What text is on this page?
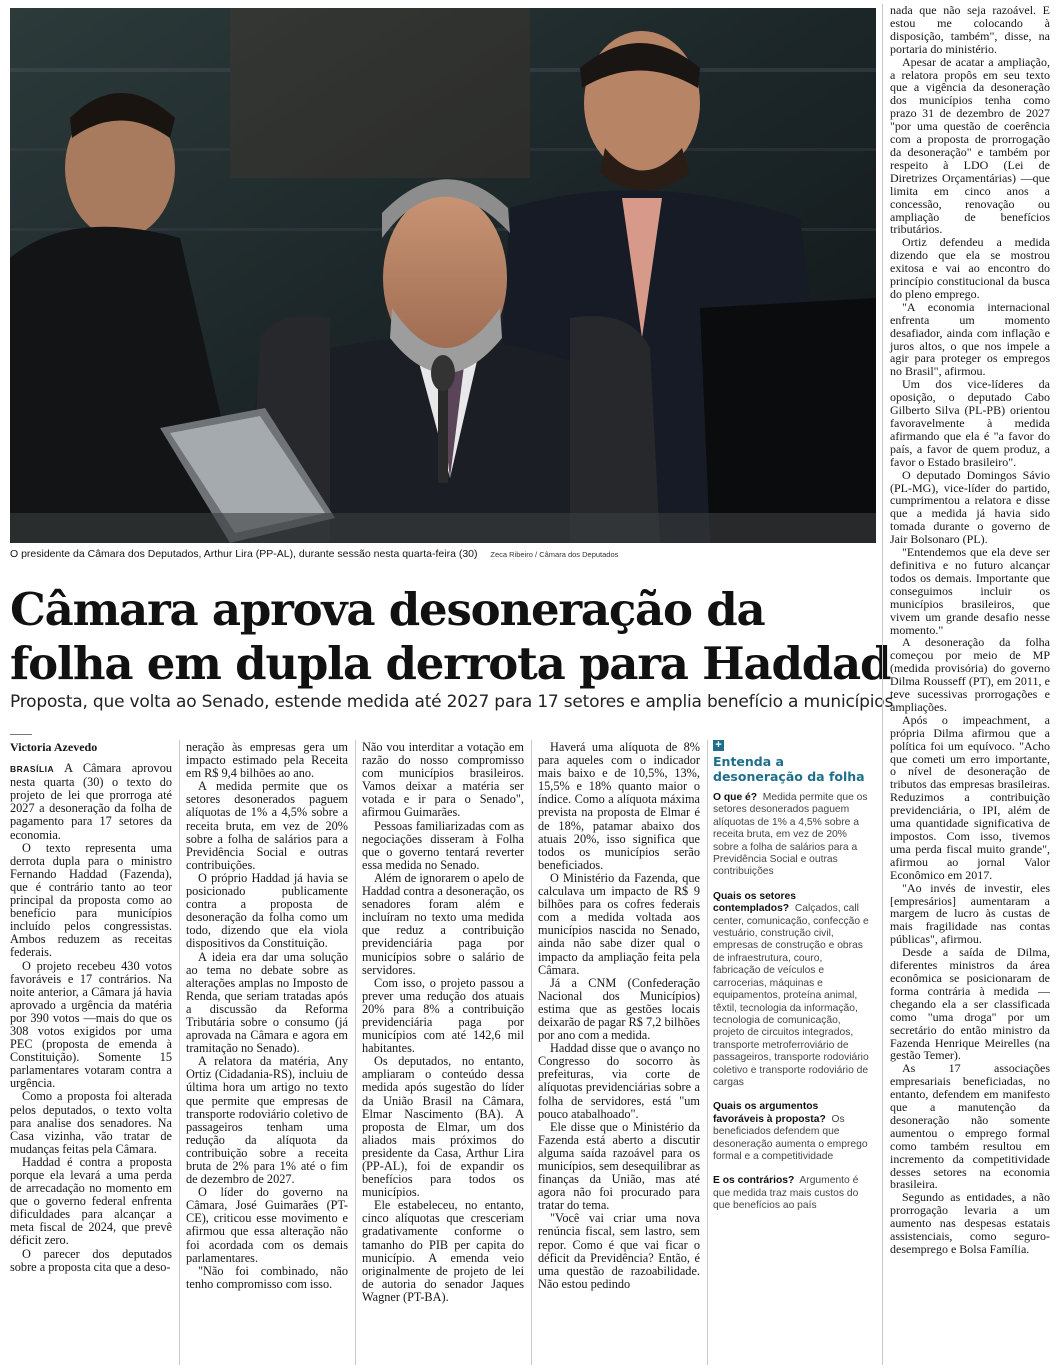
O presidente da Câmara dos Deputados, Arthur Lira (PP-AL), durante sessão nesta quarta-feira (30) Zeca Ribeiro / Câmara dos Deputados
Câmara aprova desoneração da
folha em dupla derrota para Haddad
Proposta, que volta ao Senado, estende medida até 2027 para 17 setores e amplia benefício a municípios
Victoria Azevedo

BRASÍLIA A Câmara aprovou nesta quarta (30) o texto do projeto de lei que prorroga até 2027 a desoneração da folha de pagamento para 17 setores da economia.

O texto representa uma derrota dupla para o ministro Fernando Haddad (Fazenda), que é contrário tanto ao teor principal da proposta como ao benefício para municípios incluído pelos congressistas. Ambos reduzem as receitas federais.

O projeto recebeu 430 votos favoráveis e 17 contrários. Na noite anterior, a Câmara já havia aprovado a urgência da matéria por 390 votos —mais do que os 308 votos exigidos por uma PEC (proposta de emenda à Constituição). Somente 15 parlamentares votaram contra a urgência.

Como a proposta foi alterada pelos deputados, o texto volta para analise dos senadores. Na Casa vizinha, vão tratar de mudanças feitas pela Câmara.

Haddad é contra a proposta porque ela levará a uma perda de arrecadação no momento em que o governo federal enfrenta dificuldades para alcançar a meta fiscal de 2024, que prevê déficit zero.

O parecer dos deputados sobre a proposta cita que a deso-

neração às empresas gera um impacto estimado pela Receita em R$ 9,4 bilhões ao ano.

A medida permite que os setores desonerados paguem alíquotas de 1% a 4,5% sobre a receita bruta, em vez de 20% sobre a folha de salários para a Previdência Social e outras contribuições.

O próprio Haddad já havia se posicionado publicamente contra a proposta de desoneração da folha como um todo, dizendo que ela viola dispositivos da Constituição.

A ideia era dar uma solução ao tema no debate sobre as alterações amplas no Imposto de Renda, que seriam tratadas após a discussão da Reforma Tributária sobre o consumo (já aprovada na Câmara e agora em tramitação no Senado).

A relatora da matéria, Any Ortiz (Cidadania-RS), incluiu de última hora um artigo no texto que permite que empresas de transporte rodoviário coletivo de passageiros tenham uma redução da alíquota da contribuição sobre a receita bruta de 2% para 1% até o fim de dezembro de 2027.

O líder do governo na Câmara, José Guimarães (PT-CE), criticou esse movimento e afirmou que essa alteração não foi acordada com os demais parlamentares.

"Não foi combinado, não tenho compromisso com isso.

Não vou interditar a votação em razão do nosso compromisso com municípios brasileiros. Vamos deixar a matéria ser votada e ir para o Senado", afirmou Guimarães.

Pessoas familiarizadas com as negociações disseram à Folha que o governo tentará reverter essa medida no Senado.

Além de ignorarem o apelo de Haddad contra a desoneração, os senadores foram além e incluíram no texto uma medida que reduz a contribuição previdenciária paga por municípios sobre o salário de servidores.

Com isso, o projeto passou a prever uma redução dos atuais 20% para 8% a contribuição previdenciária paga por municípios com até 142,6 mil habitantes.

Os deputados, no entanto, ampliaram o conteúdo dessa medida após sugestão do líder da União Brasil na Câmara, Elmar Nascimento (BA). A proposta de Elmar, um dos aliados mais próximos do presidente da Casa, Arthur Lira (PP-AL), foi de expandir os benefícios para todos os municípios.

Ele estabeleceu, no entanto, cinco alíquotas que cresceriam gradativamente conforme o tamanho do PIB per capita do município. A emenda veio originalmente de projeto de lei de autoria do senador Jaques Wagner (PT-BA).

Haverá uma alíquota de 8% para aqueles com o indicador mais baixo e de 10,5%, 13%, 15,5% e 18% quanto maior o índice. Como a alíquota máxima prevista na proposta de Elmar é de 18%, patamar abaixo dos atuais 20%, isso significa que todos os municípios serão beneficiados.

O Ministério da Fazenda, que calculava um impacto de R$ 9 bilhões para os cofres federais com a medida voltada aos municípios nascida no Senado, ainda não sabe dizer qual o impacto da ampliação feita pela Câmara.

Já a CNM (Confederação Nacional dos Municípios) estima que as gestões locais deixarão de pagar R$ 7,2 bilhões por ano com a medida.

Haddad disse que o avanço no Congresso do socorro às prefeituras, via corte de alíquotas previdenciárias sobre a folha de servidores, está "um pouco atabalhoado".

Ele disse que o Ministério da Fazenda está aberto a discutir alguma saída razoável para os municípios, sem desequilibrar as finanças da União, mas até agora não foi procurado para tratar do tema.

"Você vai criar uma nova renúncia fiscal, sem lastro, sem repor. Como é que vai ficar o déficit da Previdência? Então, é uma questão de razoabilidade. Não estou pedindo

+
Entenda a desoneração da folha
O que é? Medida permite que os setores desonerados paguem alíquotas de 1% a 4,5% sobre a receita bruta, em vez de 20% sobre a folha de salários para a Previdência Social e outras contribuições
Quais os setores contemplados? Calçados, call center, comunicação, confecção e vestuário, construção civil, empresas de construção e obras de infraestrutura, couro, fabricação de veículos e carrocerias, máquinas e equipamentos, proteína animal, têxtil, tecnologia da informação, tecnologia de comunicação, projeto de circuitos integrados, transporte metroferroviário de passageiros, transporte rodoviário coletivo e transporte rodoviário de cargas
Quais os argumentos favoráveis à proposta? Os beneficiados defendem que desoneração aumenta o emprego formal e a competitividade
E os contrários? Argumento é que medida traz mais custos do que benefícios ao país

nada que não seja razoável. E estou me colocando à disposição, também", disse, na portaria do ministério.

Apesar de acatar a ampliação, a relatora propôs em seu texto que a vigência da desoneração dos municípios tenha como prazo 31 de dezembro de 2027 "por uma questão de coerência com a proposta de prorrogação da desoneração" e também por respeito à LDO (Lei de Diretrizes Orçamentárias) —que limita em cinco anos a concessão, renovação ou ampliação de benefícios tributários.

Ortiz defendeu a medida dizendo que ela se mostrou exitosa e vai ao encontro do princípio constitucional da busca do pleno emprego.

"A economia internacional enfrenta um momento desafiador, ainda com inflação e juros altos, o que nos impele a agir para proteger os empregos no Brasil", afirmou.

Um dos vice-líderes da oposição, o deputado Cabo Gilberto Silva (PL-PB) orientou favoravelmente à medida afirmando que ela é "a favor do país, a favor de quem produz, a favor o Estado brasileiro".

O deputado Domingos Sávio (PL-MG), vice-líder do partido, cumprimentou a relatora e disse que a medida já havia sido tomada durante o governo de Jair Bolsonaro (PL).

"Entendemos que ela deve ser definitiva e no futuro alcançar todos os demais. Importante que conseguimos incluir os municípios brasileiros, que vivem um grande desafio nesse momento."

A desoneração da folha começou por meio de MP (medida provisória) do governo Dilma Rousseff (PT), em 2011, e teve sucessivas prorrogações e ampliações.

Após o impeachment, a própria Dilma afirmou que a política foi um equívoco. "Acho que cometi um erro importante, o nível de desoneração de tributos das empresas brasileiras. Reduzimos a contribuição previdenciária, o IPI, além de uma quantidade significativa de impostos. Com isso, tivemos uma perda fiscal muito grande", afirmou ao jornal Valor Econômico em 2017.

"Ao invés de investir, eles [empresários] aumentaram a margem de lucro às custas de mais fragilidade nas contas públicas", afirmou.

Desde a saída de Dilma, diferentes ministros da área econômica se posicionaram de forma contrária à medida —chegando ela a ser classificada como "uma droga" por um secretário do então ministro da Fazenda Henrique Meirelles (na gestão Temer).

As 17 associações empresariais beneficiadas, no entanto, defendem em manifesto que a manutenção da desoneração não somente aumentou o emprego formal como também resultou em incremento da competitividade desses setores na economia brasileira.

Segundo as entidades, a não prorrogação levaria a um aumento nas despesas estatais assistenciais, como seguro-desemprego e Bolsa Família.
